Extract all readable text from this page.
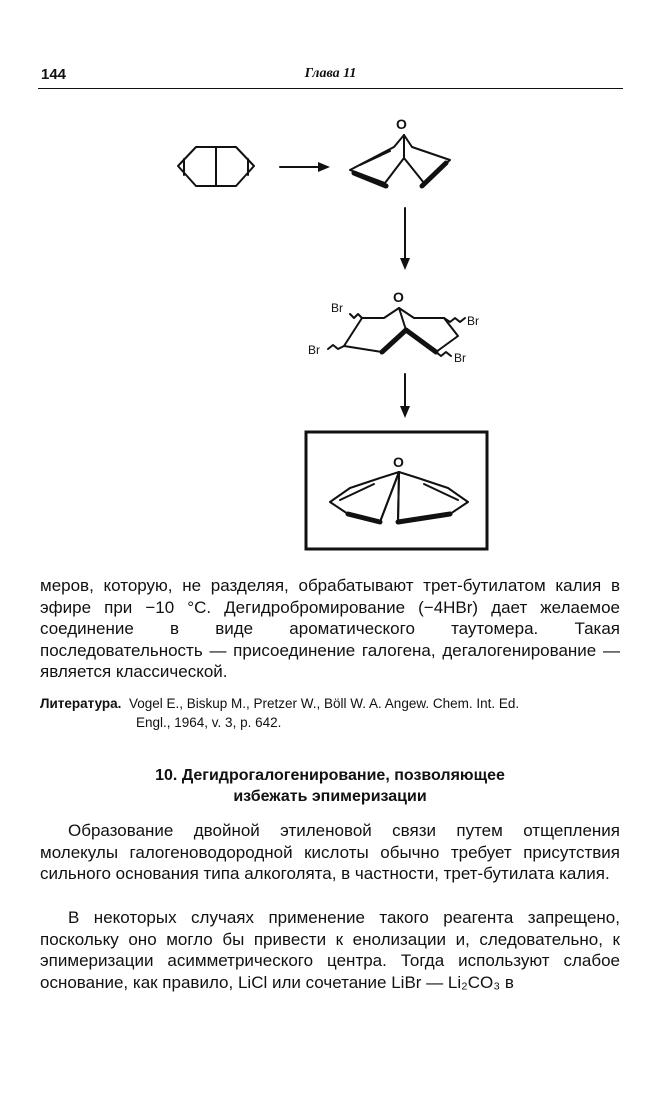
144	Глава 11
O
Br
Br
Br
Br
O
O
меров, которую, не разделяя, обрабатывают трет-бутилатом калия в эфире при −10 °С. Дегидробромирование (−4HBr) дает желаемое соединение в виде ароматического таутомера. Такая последовательность — присоединение галогена, дегалогенирование — является классической.
Литература. Vogel E., Biskup M., Pretzer W., Böll W. A. Angew. Chem. Int. Ed.
Engl., 1964, v. 3, p. 642.
10. Дегидрогалогенирование, позволяющее
избежать эпимеризации
Образование двойной этиленовой связи путем отщепления молекулы галогеноводородной кислоты обычно требует присутствия сильного основания типа алкоголята, в частности, трет-бутилата калия.
В некоторых случаях применение такого реагента запрещено, поскольку оно могло бы привести к енолизации и, следовательно, к эпимеризации асимметрического центра. Тогда используют слабое основание, как правило, LiCl или сочетание LiBr — Li₂CO₃ в
